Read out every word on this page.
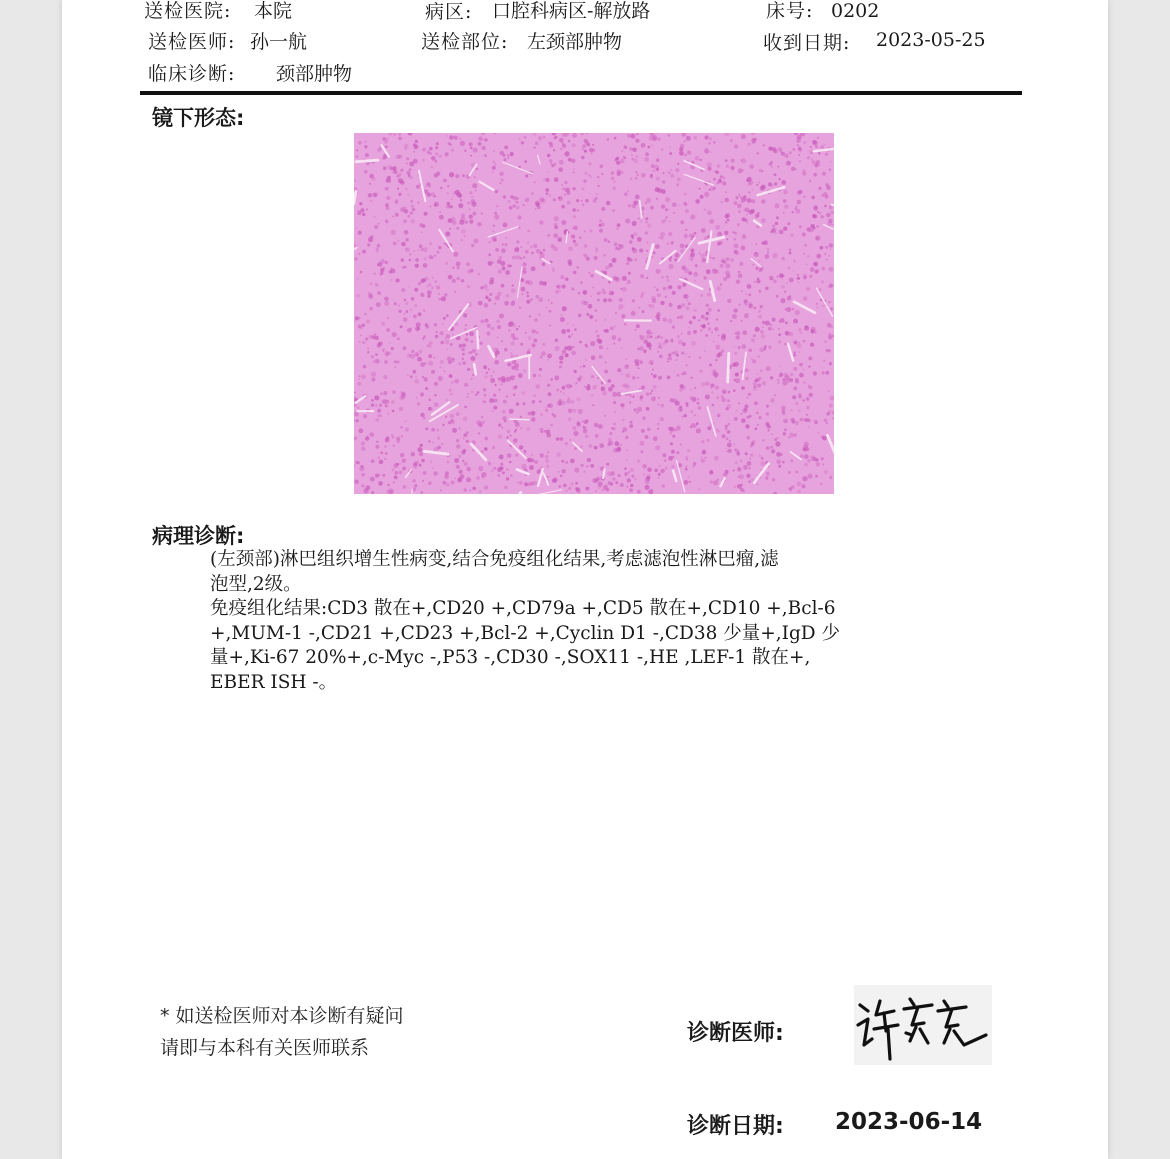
送检医院: 本院	病区: 口腔科病区-解放路	床号: 0202
送检医师: 孙一航	送检部位: 左颈部肿物	收到日期: 2023-05-25
临床诊断: 颈部肿物
镜下形态:
病理诊断:

(左颈部)淋巴组织增生性病变,结合免疫组化结果,考虑滤泡性淋巴瘤,滤

泡型,2级。

免疫组化结果:CD3 散在+,CD20 +,CD79a +,CD5 散在+,CD10 +,Bcl-6

+,MUM-1 -,CD21 +,CD23 +,Bcl-2 +,Cyclin D1 -,CD38 少量+,IgD 少

量+,Ki-67 20%+,c-Myc -,P53 -,CD30 -,SOX11 -,HE ,LEF-1 散在+,

EBER ISH -。

* 如送检医师对本诊断有疑问
请即与本科有关医师联系
诊断医师:
诊断日期: 2023-06-14
